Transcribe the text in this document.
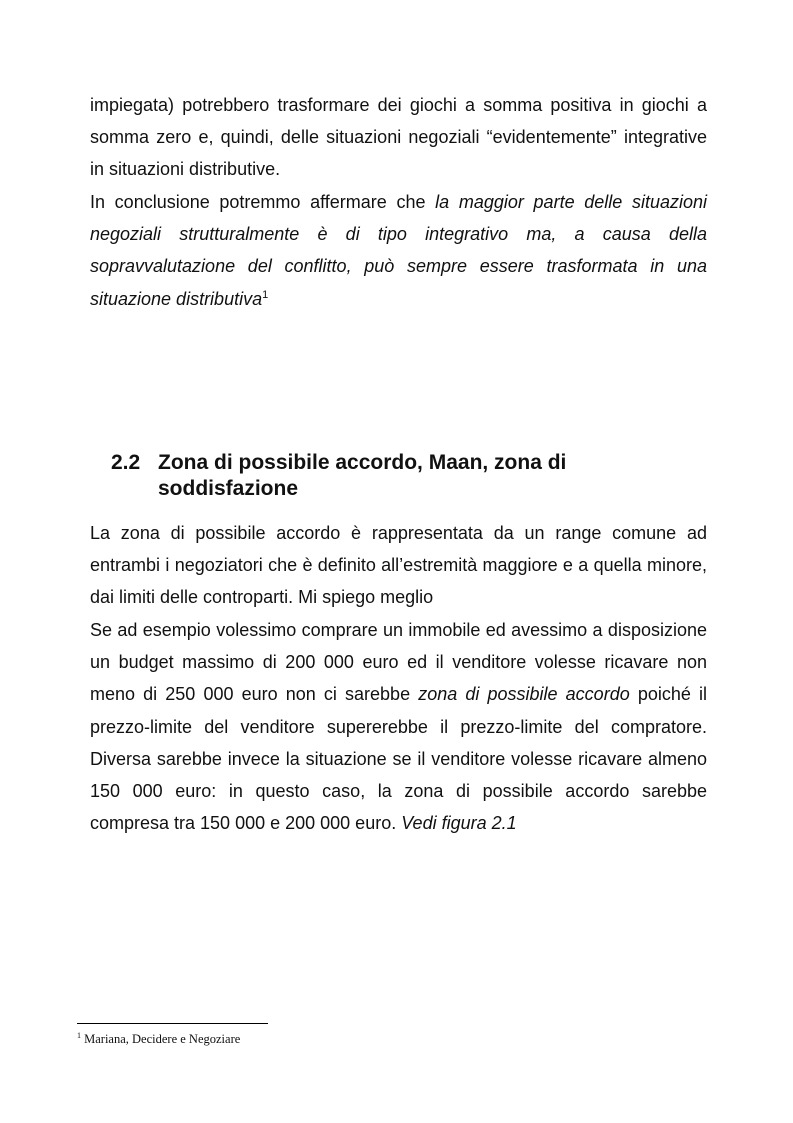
impiegata) potrebbero trasformare dei giochi a somma positiva in giochi a somma zero e, quindi, delle situazioni negoziali “evidentemente” integrative in situazioni distributive.

In conclusione potremmo affermare che la maggior parte delle situazioni negoziali strutturalmente è di tipo integrativo ma, a causa della sopravvalutazione del conflitto, può sempre essere trasformata in una situazione distributiva$^1$

2.2 Zona di possibile accordo, Maan, zona di soddisfazione

La zona di possibile accordo è rappresentata da un range comune ad entrambi i negoziatori che è definito all’estremità maggiore e a quella minore, dai limiti delle controparti. Mi spiego meglio

Se ad esempio volessimo comprare un immobile ed avessimo a disposizione un budget massimo di 200 000 euro ed il venditore volesse ricavare non meno di 250 000 euro non ci sarebbe zona di possibile accordo poiché il prezzo-limite del venditore supererebbe il prezzo-limite del compratore. Diversa sarebbe invece la situazione se il venditore volesse ricavare almeno 150 000 euro: in questo caso, la zona di possibile accordo sarebbe compresa tra 150 000 e 200 000 euro. Vedi figura 2.1

$^1$ Mariana, Decidere e Negoziare
